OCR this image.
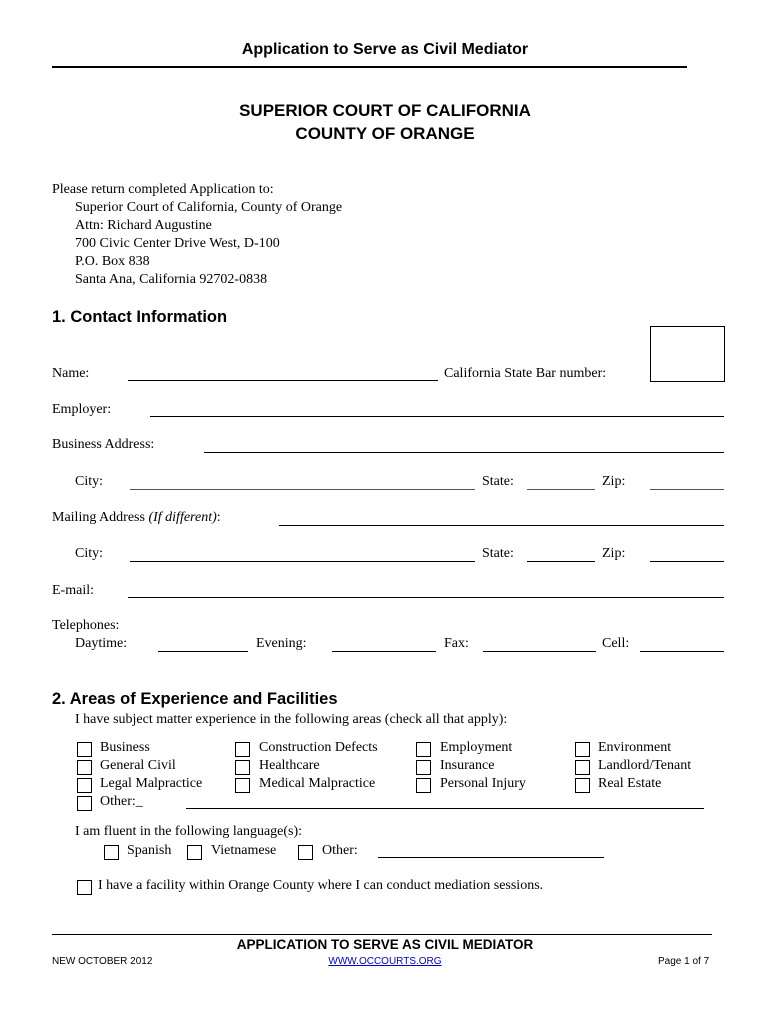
Application to Serve as Civil Mediator
SUPERIOR COURT OF CALIFORNIA
COUNTY OF ORANGE
Please return completed Application to:
Superior Court of California, County of Orange
Attn: Richard Augustine
700 Civic Center Drive West, D-100
P.O. Box 838
Santa Ana, California 92702-0838
1. Contact Information
Name:	California State Bar number:
Employer:
Business Address:
City:	State:	Zip:
Mailing Address (If different):
City:	State:	Zip:
E-mail:
Telephones:
Daytime:	Evening:	Fax:	Cell:
2. Areas of Experience and Facilities
I have subject matter experience in the following areas (check all that apply):
Business	Construction Defects	Employment	Environment
General Civil	Healthcare	Insurance	Landlord/Tenant
Legal Malpractice	Medical Malpractice	Personal Injury	Real Estate
Other:_
I am fluent in the following language(s):
Spanish	Vietnamese	Other:
I have a facility within Orange County where I can conduct mediation sessions.
APPLICATION TO SERVE AS CIVIL MEDIATOR
NEW OCTOBER 2012	WWW.OCCOURTS.ORG	Page 1 of 7
